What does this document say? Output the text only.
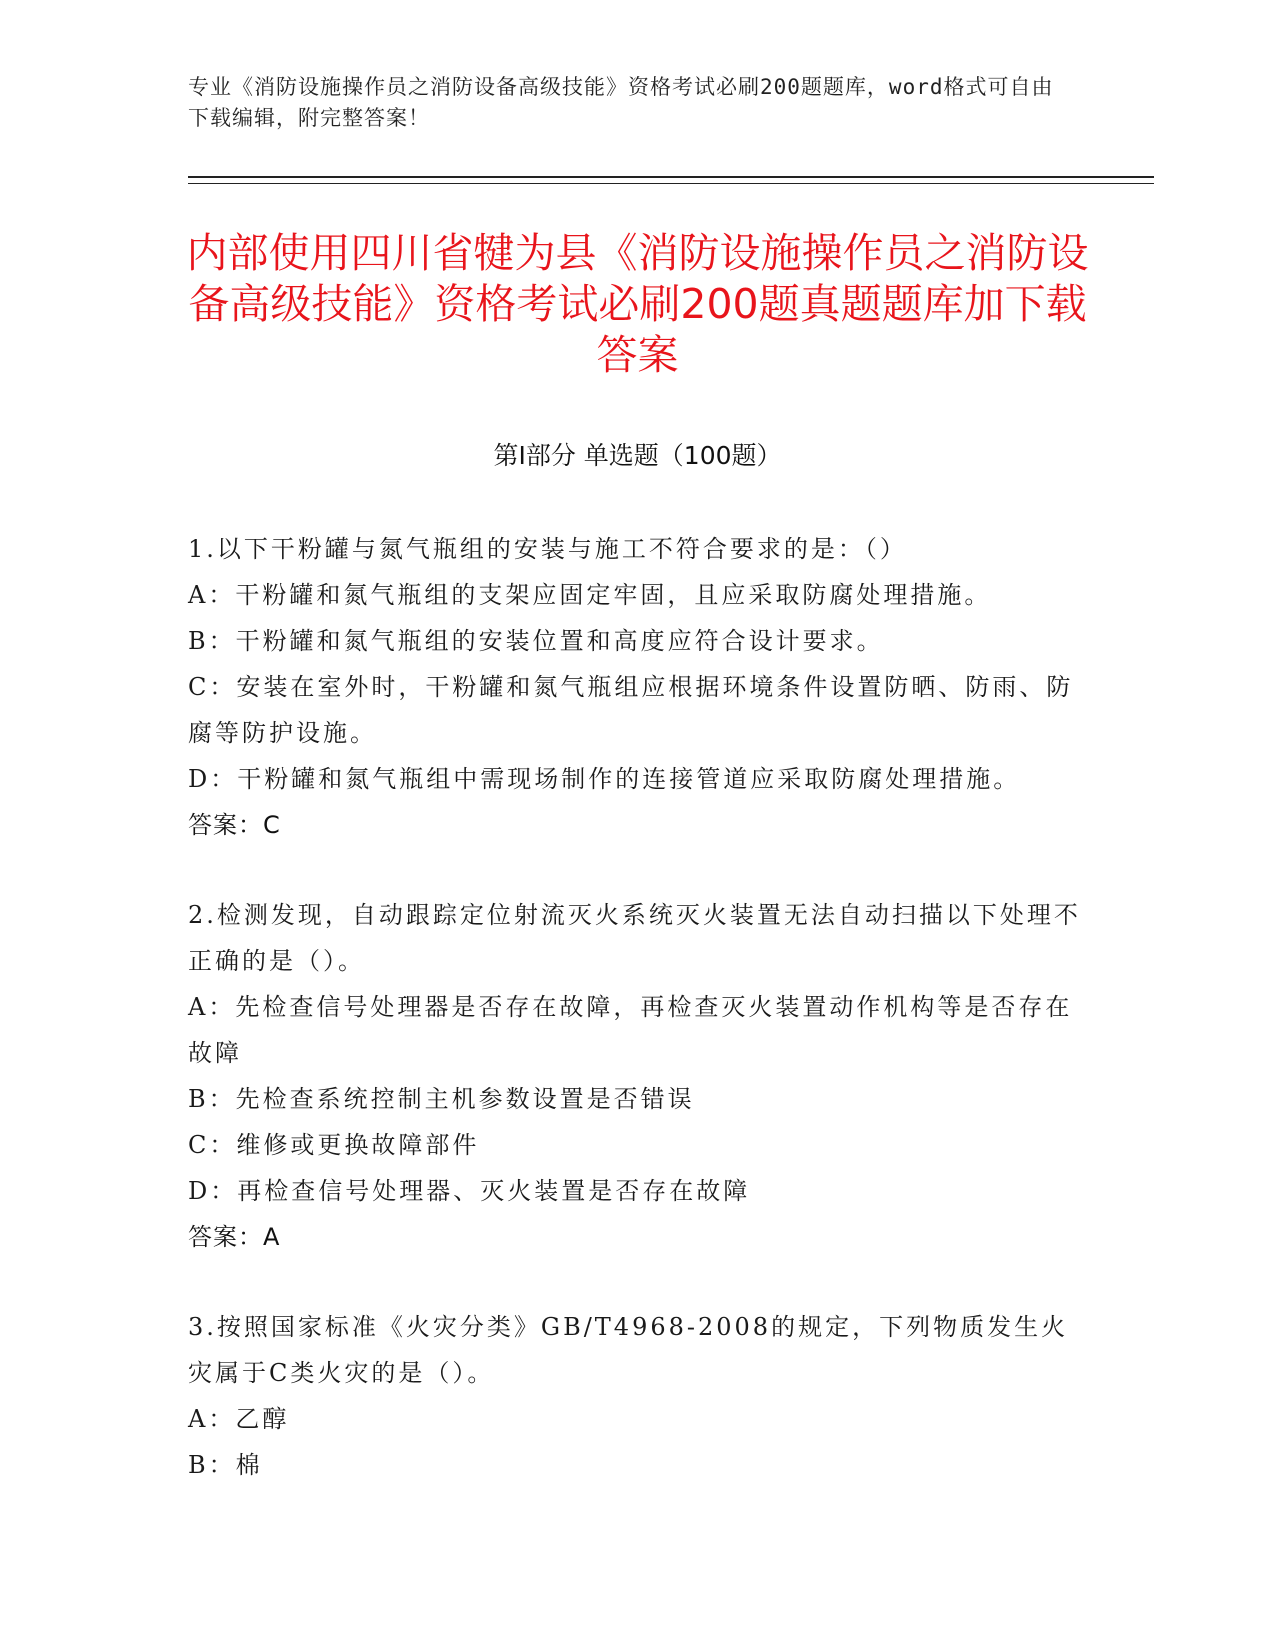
专业《消防设施操作员之消防设备高级技能》资格考试必刷200题题库，word格式可自由下载编辑，附完整答案！
内部使用四川省犍为县《消防设施操作员之消防设备高级技能》资格考试必刷200题真题题库加下载答案
第Ⅰ部分 单选题（100题）
1.以下干粉罐与氮气瓶组的安装与施工不符合要求的是：（）
A：干粉罐和氮气瓶组的支架应固定牢固，且应采取防腐处理措施。
B：干粉罐和氮气瓶组的安装位置和高度应符合设计要求。
C：安装在室外时，干粉罐和氮气瓶组应根据环境条件设置防晒、防雨、防腐等防护设施。
D：干粉罐和氮气瓶组中需现场制作的连接管道应采取防腐处理措施。
答案：C
2.检测发现，自动跟踪定位射流灭火系统灭火装置无法自动扫描以下处理不正确的是（）。
A：先检查信号处理器是否存在故障，再检查灭火装置动作机构等是否存在故障
B：先检查系统控制主机参数设置是否错误
C：维修或更换故障部件
D：再检查信号处理器、灭火装置是否存在故障
答案：A
3.按照国家标准《火灾分类》GB/T4968-2008的规定，下列物质发生火灾属于C类火灾的是（）。
A：乙醇
B：棉
